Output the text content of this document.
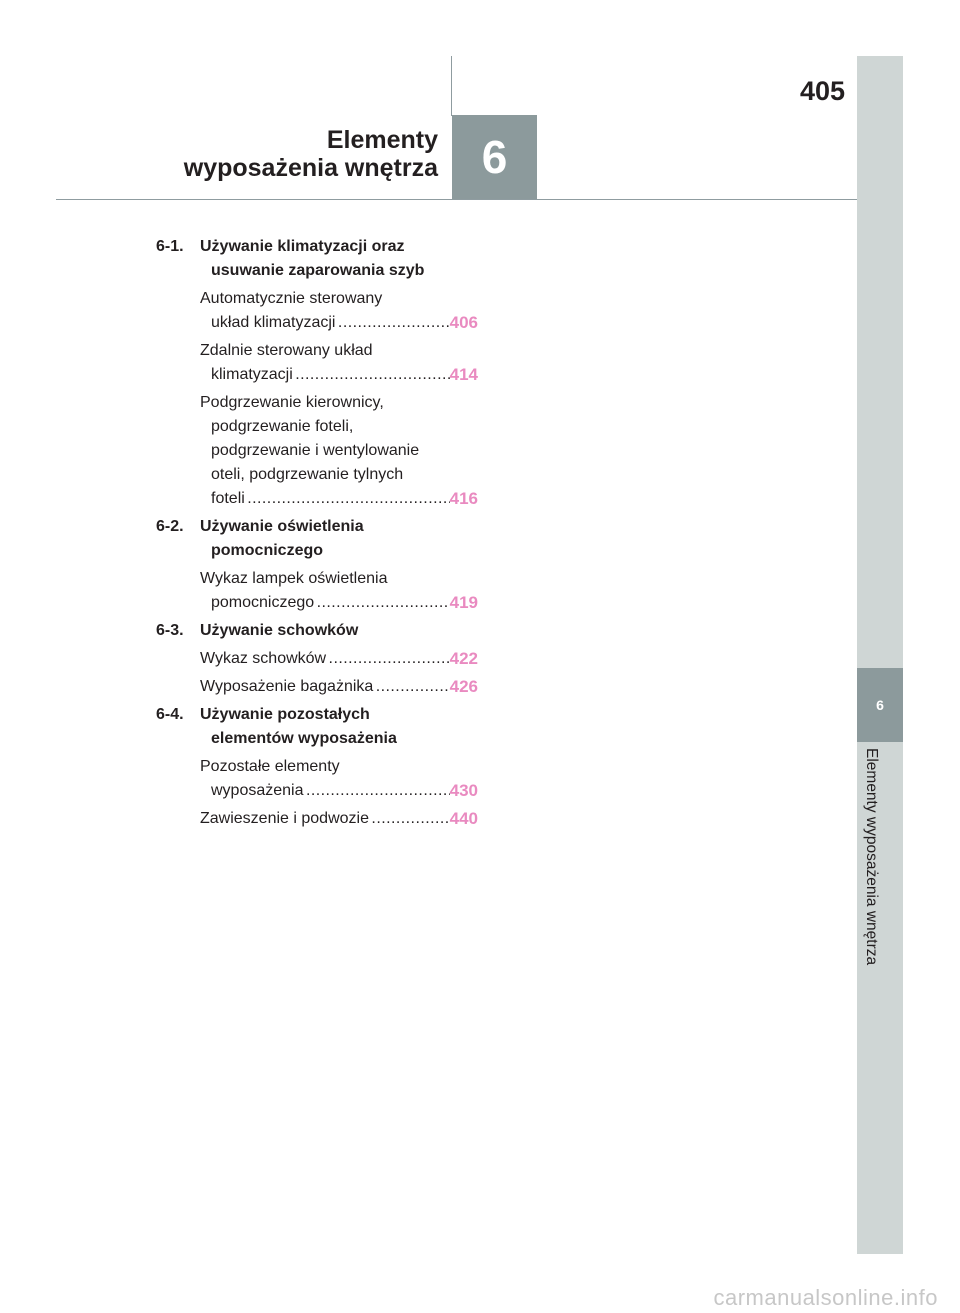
Elementy
wyposażenia wnętrza 6
405
6
Elementy wyposażenia wnętrza
6-1.	Używanie klimatyzacji oraz
usuwanie zaparowania szyb
Automatycznie sterowany
układ klimatyzacji . . .	406
Zdalnie sterowany układ
klimatyzacji . . .	414
Podgrzewanie kierownicy,
podgrzewanie foteli,
podgrzewanie i wentylowanie
oteli, podgrzewanie tylnych
foteli . . .	416
6-2.	Używanie oświetlenia
pomocniczego
Wykaz lampek oświetlenia
pomocniczego . . .	419
6-3.	Używanie schowków
Wykaz schowków . . .	422
Wyposażenie bagażnika . . .	426
6-4.	Używanie pozostałych
elementów wyposażenia
Pozostałe elementy
wyposażenia . . .	430
Zawieszenie i podwozie . . .	440
carmanualsonline.info
